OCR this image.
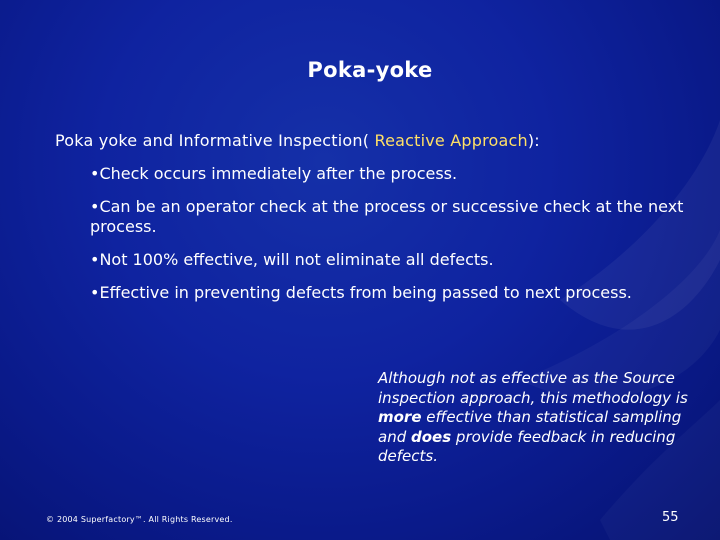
Poka-yoke
Poka yoke and Informative Inspection( Reactive Approach):
•Check occurs immediately after the process.
•Can be an operator check at the process or successive check at the next process.
•Not 100% effective, will not eliminate all defects.
•Effective in preventing defects from being passed to next process.
Although not as effective as the Source inspection approach, this methodology is more effective than statistical sampling and does provide feedback in reducing defects.
© 2004 Superfactory™. All Rights Reserved.	55
